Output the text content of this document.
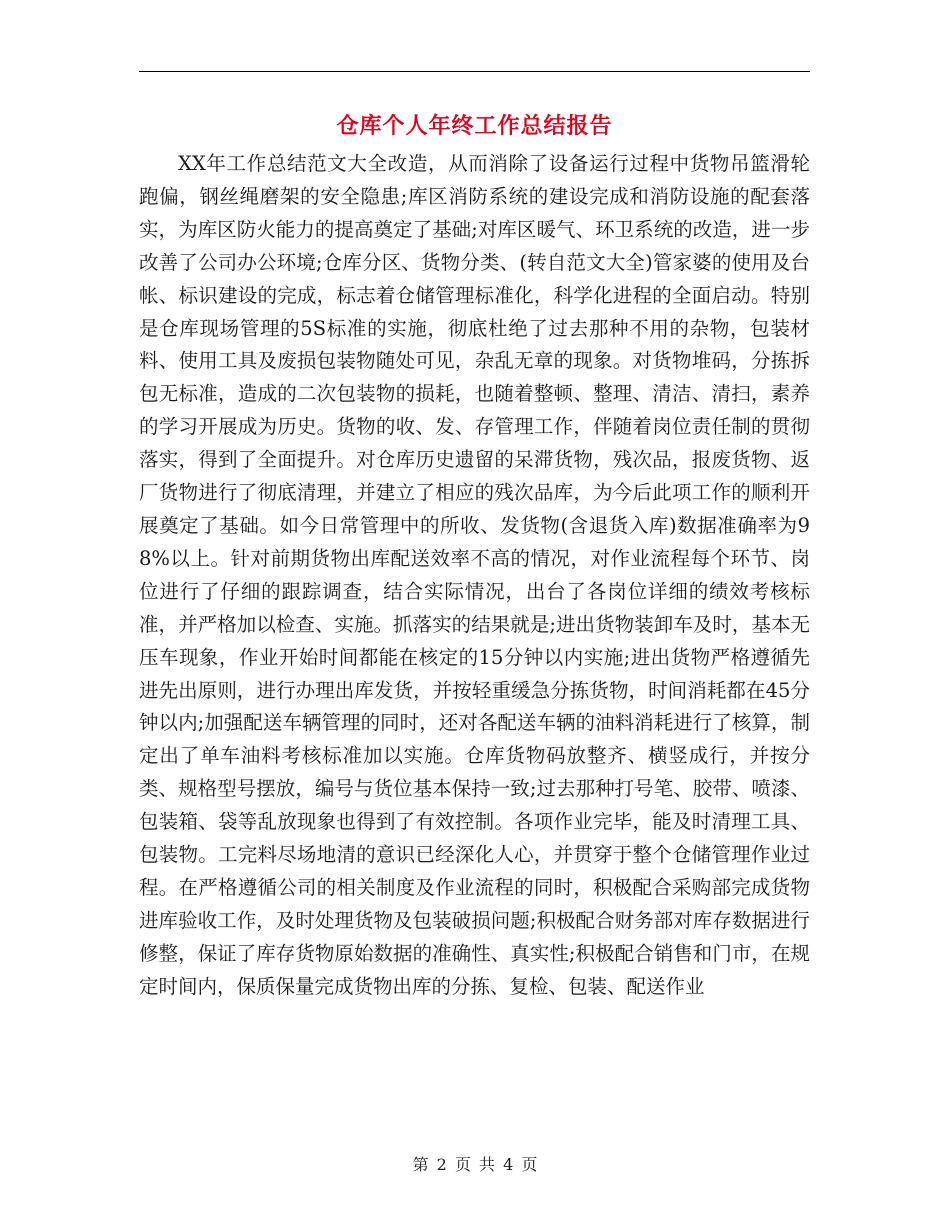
仓库个人年终工作总结报告

XX年工作总结范文大全改造，从而消除了设备运行过程中货物吊篮滑轮跑偏，钢丝绳磨架的安全隐患;库区消防系统的建设完成和消防设施的配套落实，为库区防火能力的提高奠定了基础;对库区暖气、环卫系统的改造，进一步改善了公司办公环境;仓库分区、货物分类、(转自范文大全)管家婆的使用及台帐、标识建设的完成，标志着仓储管理标准化，科学化进程的全面启动。特别是仓库现场管理的5S标准的实施，彻底杜绝了过去那种不用的杂物，包装材料、使用工具及废损包装物随处可见，杂乱无章的现象。对货物堆码，分拣拆包无标准，造成的二次包装物的损耗，也随着整顿、整理、清洁、清扫，素养的学习开展成为历史。货物的收、发、存管理工作，伴随着岗位责任制的贯彻落实，得到了全面提升。对仓库历史遗留的呆滞货物，残次品，报废货物、返厂货物进行了彻底清理，并建立了相应的残次品库，为今后此项工作的顺利开展奠定了基础。如今日常管理中的所收、发货物(含退货入库)数据准确率为98%以上。针对前期货物出库配送效率不高的情况，对作业流程每个环节、岗位进行了仔细的跟踪调查，结合实际情况，出台了各岗位详细的绩效考核标准，并严格加以检查、实施。抓落实的结果就是;进出货物装卸车及时，基本无压车现象，作业开始时间都能在核定的15分钟以内实施;进出货物严格遵循先进先出原则，进行办理出库发货，并按轻重缓急分拣货物，时间消耗都在45分钟以内;加强配送车辆管理的同时，还对各配送车辆的油料消耗进行了核算，制定出了单车油料考核标准加以实施。仓库货物码放整齐、横竖成行，并按分类、规格型号摆放，编号与货位基本保持一致;过去那种打号笔、胶带、喷漆、包装箱、袋等乱放现象也得到了有效控制。各项作业完毕，能及时清理工具、包装物。工完料尽场地清的意识已经深化人心，并贯穿于整个仓储管理作业过程。在严格遵循公司的相关制度及作业流程的同时，积极配合采购部完成货物进库验收工作，及时处理货物及包装破损问题;积极配合财务部对库存数据进行修整，保证了库存货物原始数据的准确性、真实性;积极配合销售和门市，在规定时间内，保质保量完成货物出库的分拣、复检、包装、配送作业

第 2 页 共 4 页
